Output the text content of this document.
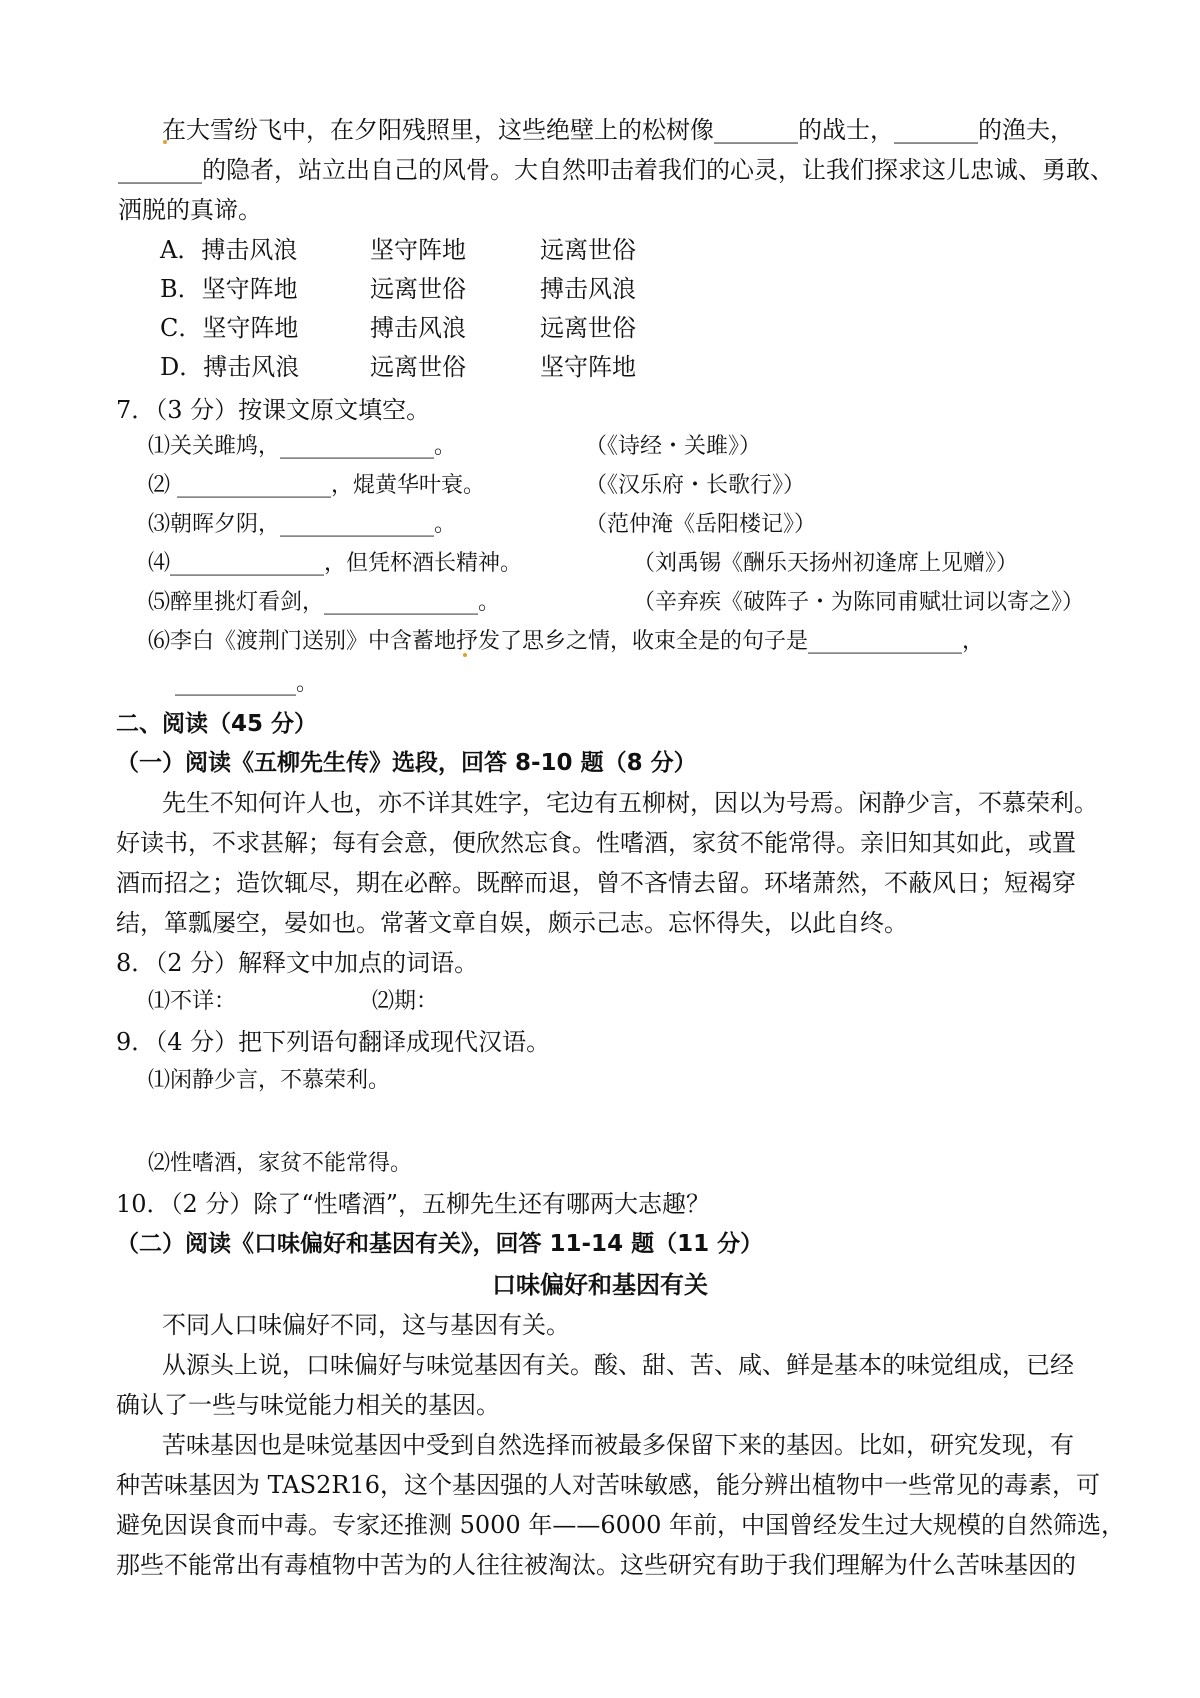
在大雪纷飞中，在夕阳残照里，这些绝壁上的松树像_______的战士，_______的渔夫，
_______的隐者，站立出自己的风骨。大自然叩击着我们的心灵，让我们探求这儿忠诚、勇敢、
洒脱的真谛。
A．搏击风浪	坚守阵地	远离世俗
B．坚守阵地	远离世俗	搏击风浪
C．坚守阵地	搏击风浪	远离世俗
D．搏击风浪	远离世俗	坚守阵地
7．（3 分）按课文原文填空。
⑴关关雎鸠，______________。	（《诗经・关雎》）
⑵ ______________，焜黄华叶衰。	（《汉乐府・长歌行》）
⑶朝晖夕阴，______________。	（范仲淹《岳阳楼记》）
⑷______________，但凭杯酒长精神。	（刘禹锡《酬乐天扬州初逢席上见赠》）
⑸醉里挑灯看剑，______________。	（辛弃疾《破阵子・为陈同甫赋壮词以寄之》）
⑹李白《渡荆门送别》中含蓄地抒发了思乡之情，收束全是的句子是______________，
___________。
二、阅读（45 分）
（一）阅读《五柳先生传》选段，回答 8-10 题（8 分）
先生不知何许人也，亦不详其姓字，宅边有五柳树，因以为号焉。闲静少言，不慕荣利。
好读书，不求甚解；每有会意，便欣然忘食。性嗜酒，家贫不能常得。亲旧知其如此，或置
酒而招之；造饮辄尽，期在必醉。既醉而退，曾不吝情去留。环堵萧然，不蔽风日；短褐穿
结，箪瓢屡空，晏如也。常著文章自娱，颇示己志。忘怀得失，以此自终。
8．（2 分）解释文中加点的词语。
⑴不详：	⑵期：
9．（4 分）把下列语句翻译成现代汉语。
⑴闲静少言，不慕荣利。
⑵性嗜酒，家贫不能常得。
10．（2 分）除了“性嗜酒”，五柳先生还有哪两大志趣？
（二）阅读《口味偏好和基因有关》，回答 11-14 题（11 分）
口味偏好和基因有关
不同人口味偏好不同，这与基因有关。
从源头上说，口味偏好与味觉基因有关。酸、甜、苦、咸、鲜是基本的味觉组成，已经
确认了一些与味觉能力相关的基因。
苦味基因也是味觉基因中受到自然选择而被最多保留下来的基因。比如，研究发现，有
种苦味基因为 TAS2R16，这个基因强的人对苦味敏感，能分辨出植物中一些常见的毒素，可
避免因误食而中毒。专家还推测 5000 年——6000 年前，中国曾经发生过大规模的自然筛选，
那些不能常出有毒植物中苦为的人往往被淘汰。这些研究有助于我们理解为什么苦味基因的
